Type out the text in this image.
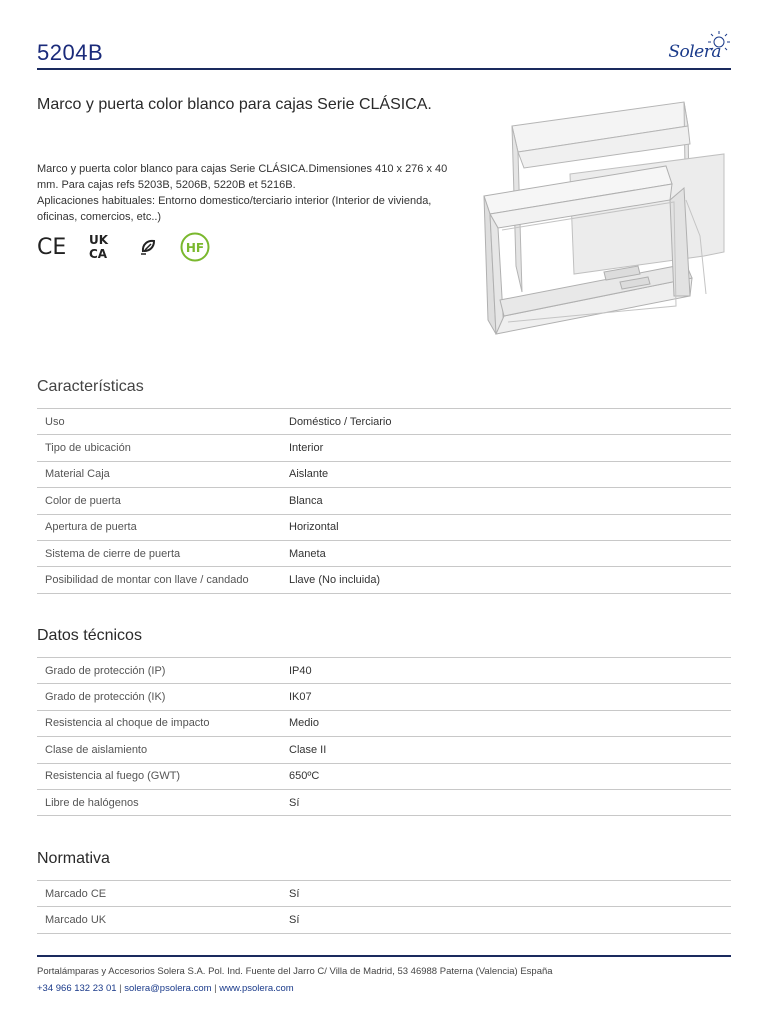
5204B	Solera
Marco y puerta color blanco para cajas Serie CLÁSICA.

Marco y puerta color blanco para cajas Serie CLÁSICA.Dimensiones 410 x 276 x 40 mm. Para cajas refs 5203B, 5206B, 5220B et 5216B.

Aplicaciones habituales: Entorno domestico/terciario interior (Interior de vivienda, oficinas, comercios, etc..)

CE UK
CA	HF
Características
Uso	Doméstico / Terciario
Tipo de ubicación	Interior
Material Caja	Aislante
Color de puerta	Blanca
Apertura de puerta	Horizontal
Sistema de cierre de puerta	Maneta
Posibilidad de montar con llave / candado	Llave (No incluida)
Datos técnicos
Grado de protección (IP)	IP40
Grado de protección (IK)	IK07
Resistencia al choque de impacto	Medio
Clase de aislamiento	Clase II
Resistencia al fuego (GWT)	650ºC
Libre de halógenos	Sí
Normativa
Marcado CE	Sí
Marcado UK	Sí
Portalámparas y Accesorios Solera S.A. Pol. Ind. Fuente del Jarro C/ Villa de Madrid, 53 46988 Paterna (Valencia) España
+34 966 132 23 01 | solera@psolera.com | www.psolera.com
